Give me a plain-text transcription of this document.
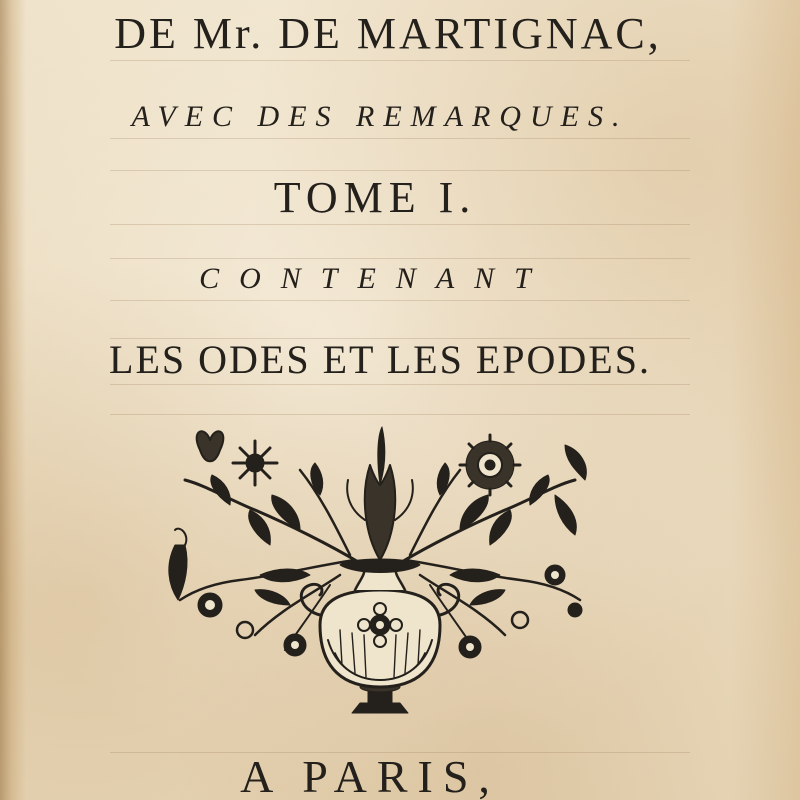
DE Mr. DE MARTIGNAC,
AVEC DES REMARQUES.
TOME I.
CONTENANT
LES ODES ET LES EPODES.
A PARIS,
